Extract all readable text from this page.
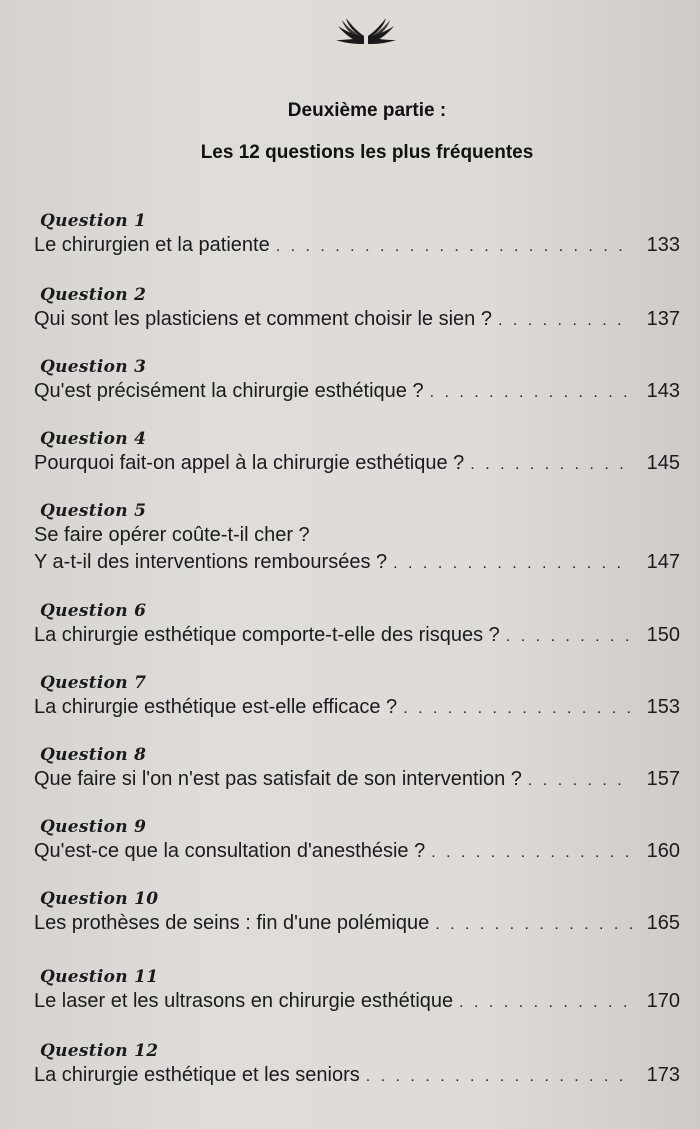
Deuxième partie :
Les 12 questions les plus fréquentes
Question 1
Le chirurgien et la patiente . . .	133
Question 2
Qui sont les plasticiens et comment choisir le sien ? . . .	137
Question 3
Qu'est précisément la chirurgie esthétique ? . . .	143
Question 4
Pourquoi fait-on appel à la chirurgie esthétique ? . . .	145
Question 5
Se faire opérer coûte-t-il cher ?
Y a-t-il des interventions remboursées ? . . .	147
Question 6
La chirurgie esthétique comporte-t-elle des risques ? . . .	150
Question 7
La chirurgie esthétique est-elle efficace ? . . .	153
Question 8
Que faire si l'on n'est pas satisfait de son intervention ? . . .	157
Question 9
Qu'est-ce que la consultation d'anesthésie ? . . .	160
Question 10
Les prothèses de seins : fin d'une polémique . . .	165
Question 11
Le laser et les ultrasons en chirurgie esthétique . . .	170
Question 12
La chirurgie esthétique et les seniors . . .	173
